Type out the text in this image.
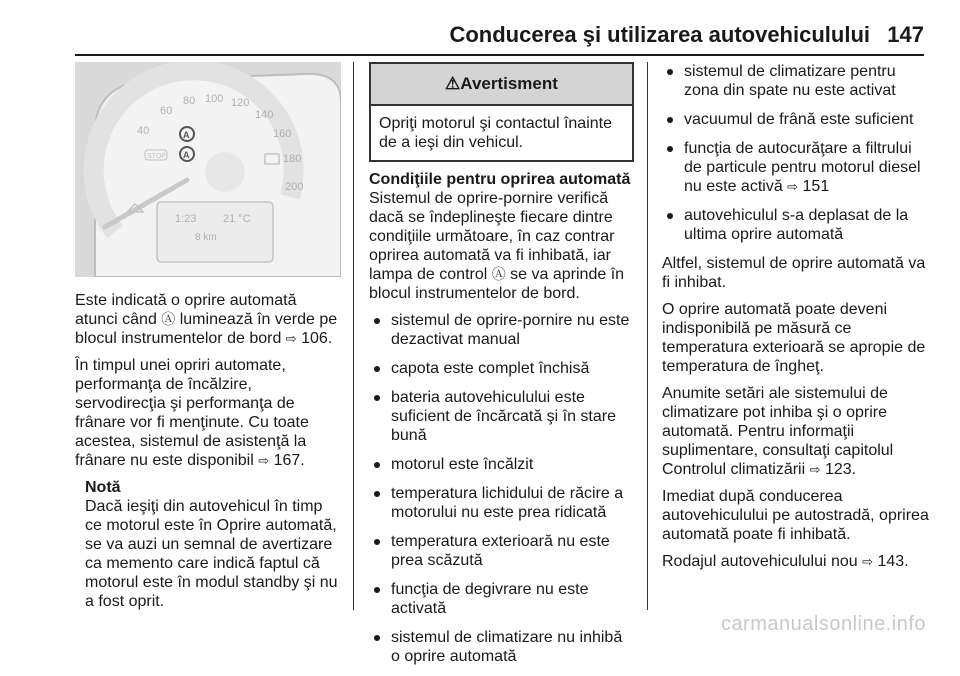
Conducerea şi utilizarea autovehiculului 147
40
60
80 100 120
140
160
180
200
A
A
STOP
1:23 21 °C
8 km

Este indicată o oprire automată atunci când Ⓐ luminează în verde pe blocul instrumentelor de bord ⇨ 106.

În timpul unei opriri automate, performanţa de încălzire, servodirecţia şi performanţa de frânare vor fi menţinute. Cu toate acestea, sistemul de asistenţă la frânare nu este disponibil ⇨ 167.

Notă
Dacă ieşiţi din autovehicul în timp ce motorul este în Oprire automată, se va auzi un semnal de avertizare ca memento care indică faptul că motorul este în modul standby şi nu a fost oprit.
⚠Avertisment
Opriţi motorul şi contactul înainte de a ieşi din vehicul.

Condiţiile pentru oprirea automată
Sistemul de oprire-pornire verifică dacă se îndeplineşte fiecare dintre condiţiile următoare, în caz contrar oprirea automată va fi inhibată, iar lampa de control Ⓐ se va aprinde în blocul instrumentelor de bord.

sistemul de oprire-pornire nu este dezactivat manual
capota este complet închisă
bateria autovehiculului este suficient de încărcată şi în stare bună
motorul este încălzit
temperatura lichidului de răcire a motorului nu este prea ridicată
temperatura exterioară nu este prea scăzută
funcţia de degivrare nu este activată
sistemul de climatizare nu inhibă o oprire automată
sistemul de climatizare pentru zona din spate nu este activat
vacuumul de frână este suficient
funcţia de autocurăţare a filtrului de particule pentru motorul diesel nu este activă ⇨ 151
autovehiculul s-a deplasat de la ultima oprire automată

Altfel, sistemul de oprire automată va fi inhibat.

O oprire automată poate deveni indisponibilă pe măsură ce temperatura exterioară se apropie de temperatura de îngheţ.

Anumite setări ale sistemului de climatizare pot inhiba şi o oprire automată. Pentru informaţii suplimentare, consultaţi capitolul Controlul climatizării ⇨ 123.

Imediat după conducerea autovehiculului pe autostradă, oprirea automată poate fi inhibată.

Rodajul autovehiculului nou ⇨ 143.

carmanualsonline.info
